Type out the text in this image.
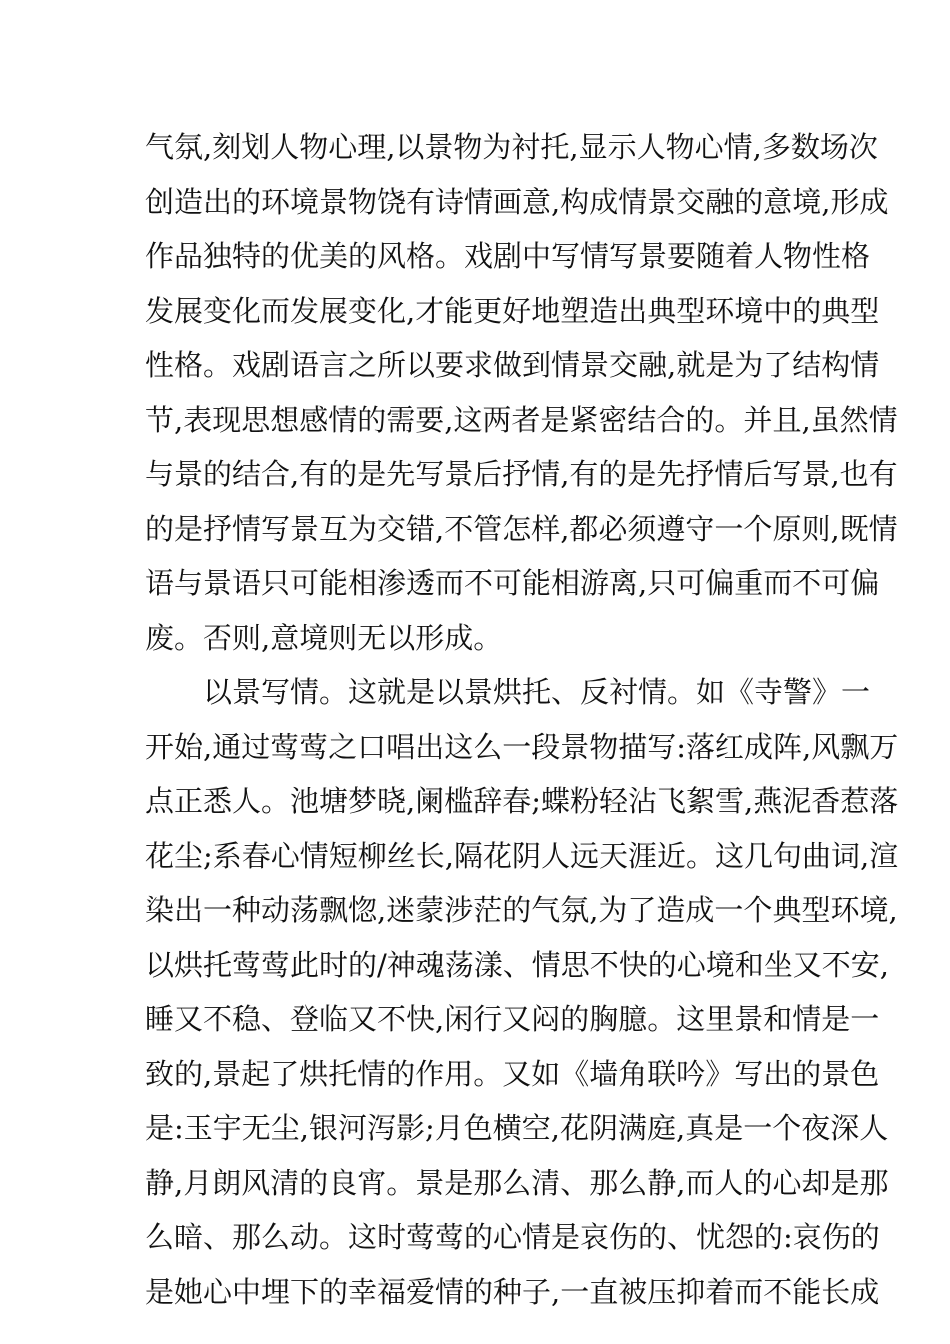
气氛,刻划人物心理,以景物为衬托,显示人物心情,多数场次
创造出的环境景物饶有诗情画意,构成情景交融的意境,形成
作品独特的优美的风格。戏剧中写情写景要随着人物性格
发展变化而发展变化,才能更好地塑造出典型环境中的典型
性格。戏剧语言之所以要求做到情景交融,就是为了结构情
节,表现思想感情的需要,这两者是紧密结合的。并且,虽然情
与景的结合,有的是先写景后抒情,有的是先抒情后写景,也有
的是抒情写景互为交错,不管怎样,都必须遵守一个原则,既情
语与景语只可能相渗透而不可能相游离,只可偏重而不可偏
废。否则,意境则无以形成。
以景写情。这就是以景烘托、反衬情。如《寺警》一
开始,通过莺莺之口唱出这么一段景物描写:落红成阵,风飘万
点正悉人。池塘梦晓,阑槛辞春;蝶粉轻沾飞絮雪,燕泥香惹落
花尘;系春心情短柳丝长,隔花阴人远天涯近。这几句曲词,渲
染出一种动荡飘惚,迷蒙涉茫的气氛,为了造成一个典型环境,
以烘托莺莺此时的/神魂荡漾、情思不快的心境和坐又不安,
睡又不稳、登临又不快,闲行又闷的胸臆。这里景和情是一
致的,景起了烘托情的作用。又如《墙角联吟》写出的景色
是:玉宇无尘,银河泻影;月色横空,花阴满庭,真是一个夜深人
静,月朗风清的良宵。景是那么清、那么静,而人的心却是那
么暗、那么动。这时莺莺的心情是哀伤的、忧怨的:哀伤的
是她心中埋下的幸福爱情的种子,一直被压抑着而不能长成
